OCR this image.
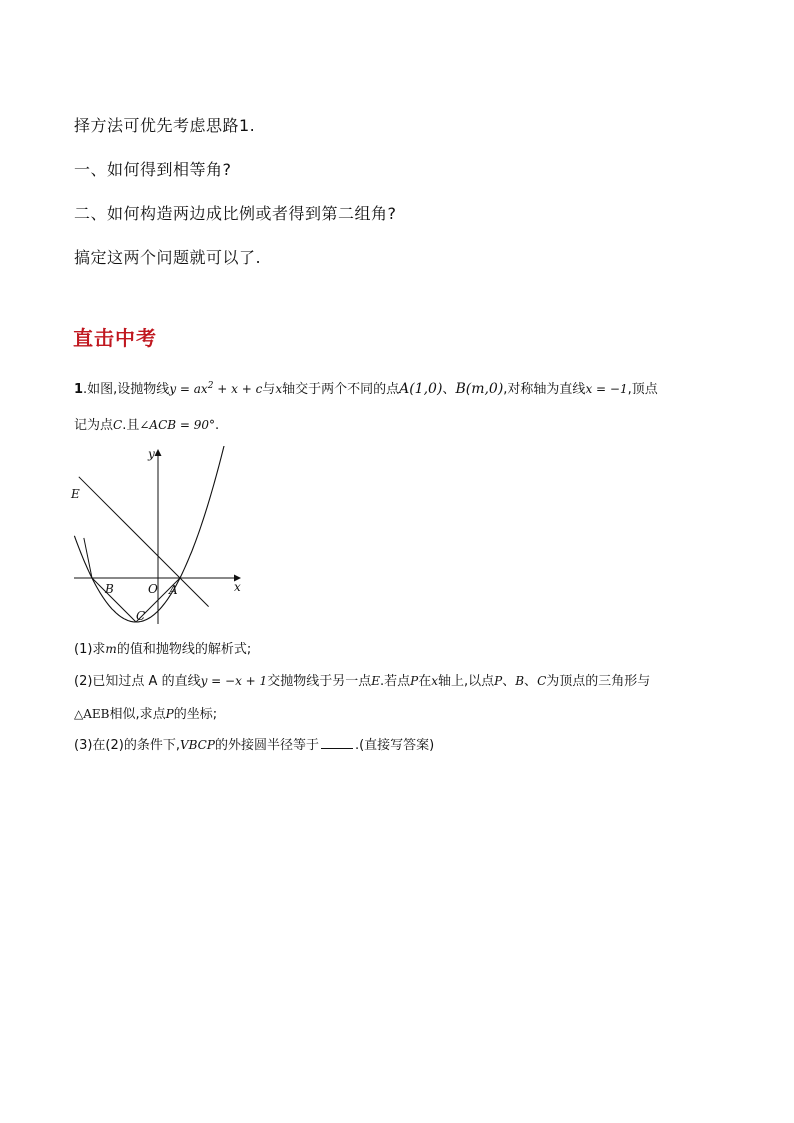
择方法可优先考虑思路1.

一、如何得到相等角?

二、如何构造两边成比例或者得到第二组角?

搞定这两个问题就可以了.

直击中考
1.如图,设抛物线$y = ax^2 + x + c$与x轴交于两个不同的点A(1,0)、B(m,0),对称轴为直线x = −1,顶点
记为点C.且∠ACB = 90°.
y
x
E
B	O A
C
(1)求m的值和抛物线的解析式;
(2)已知过点 A 的直线y = −x + 1交抛物线于另一点E.若点P在x轴上,以点P、B、C为顶点的三角形与
△AEB相似,求点P的坐标;
(3)在(2)的条件下,VBCP的外接圆半径等于	.(直接写答案)
